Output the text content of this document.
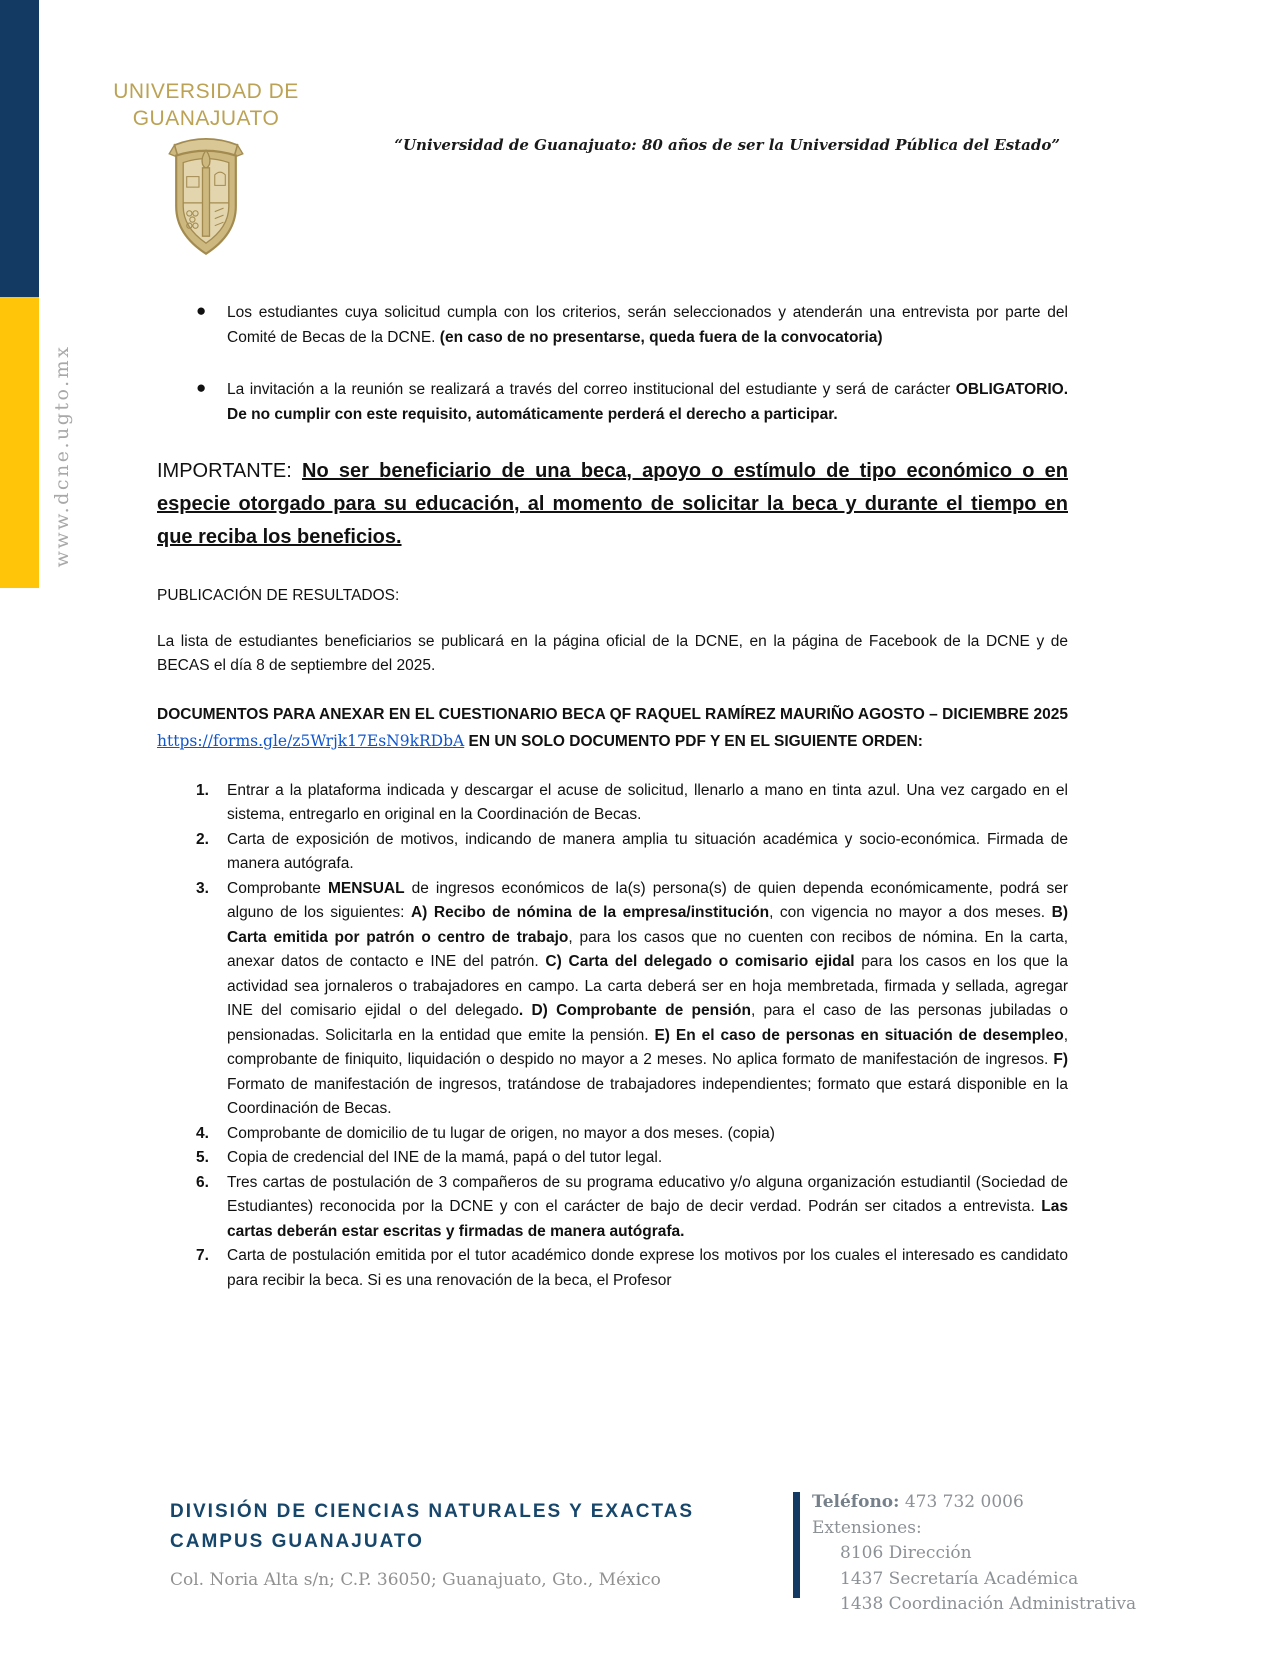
www.dcne.ugto.mx
UNIVERSIDAD DE
GUANAJUATO
“Universidad de Guanajuato: 80 años de ser la Universidad Pública del Estado”
● Los estudiantes cuya solicitud cumpla con los criterios, serán seleccionados y atenderán una entrevista por parte del Comité de Becas de la DCNE. (en caso de no presentarse, queda fuera de la convocatoria)
● La invitación a la reunión se realizará a través del correo institucional del estudiante y será de carácter OBLIGATORIO. De no cumplir con este requisito, automáticamente perderá el derecho a participar.

IMPORTANTE: No ser beneficiario de una beca, apoyo o estímulo de tipo económico o en especie otorgado para su educación, al momento de solicitar la beca y durante el tiempo en que reciba los beneficios.

PUBLICACIÓN DE RESULTADOS:

La lista de estudiantes beneficiarios se publicará en la página oficial de la DCNE, en la página de Facebook de la DCNE y de BECAS el día 8 de septiembre del 2025.

DOCUMENTOS PARA ANEXAR EN EL CUESTIONARIO BECA QF RAQUEL RAMÍREZ MAURIÑO AGOSTO – DICIEMBRE 2025 https://forms.gle/z5Wrjk17EsN9kRDbA EN UN SOLO DOCUMENTO PDF Y EN EL SIGUIENTE ORDEN:

1. Entrar a la plataforma indicada y descargar el acuse de solicitud, llenarlo a mano en tinta azul. Una vez cargado en el sistema, entregarlo en original en la Coordinación de Becas.
2. Carta de exposición de motivos, indicando de manera amplia tu situación académica y socio-económica. Firmada de manera autógrafa.
3. Comprobante MENSUAL de ingresos económicos de la(s) persona(s) de quien dependa económicamente, podrá ser alguno de los siguientes: A) Recibo de nómina de la empresa/institución, con vigencia no mayor a dos meses. B) Carta emitida por patrón o centro de trabajo, para los casos que no cuenten con recibos de nómina. En la carta, anexar datos de contacto e INE del patrón. C) Carta del delegado o comisario ejidal para los casos en los que la actividad sea jornaleros o trabajadores en campo. La carta deberá ser en hoja membretada, firmada y sellada, agregar INE del comisario ejidal o del delegado. D) Comprobante de pensión, para el caso de las personas jubiladas o pensionadas. Solicitarla en la entidad que emite la pensión. E) En el caso de personas en situación de desempleo, comprobante de finiquito, liquidación o despido no mayor a 2 meses. No aplica formato de manifestación de ingresos. F) Formato de manifestación de ingresos, tratándose de trabajadores independientes; formato que estará disponible en la Coordinación de Becas.
4. Comprobante de domicilio de tu lugar de origen, no mayor a dos meses. (copia)
5. Copia de credencial del INE de la mamá, papá o del tutor legal.
6. Tres cartas de postulación de 3 compañeros de su programa educativo y/o alguna organización estudiantil (Sociedad de Estudiantes) reconocida por la DCNE y con el carácter de bajo de decir verdad. Podrán ser citados a entrevista. Las cartas deberán estar escritas y firmadas de manera autógrafa.
7. Carta de postulación emitida por el tutor académico donde exprese los motivos por los cuales el interesado es candidato para recibir la beca. Si es una renovación de la beca, el Profesor
DIVISIÓN DE CIENCIAS NATURALES Y EXACTAS
CAMPUS GUANAJUATO
Col. Noria Alta s/n; C.P. 36050; Guanajuato, Gto., México
Teléfono: 473 732 0006
Extensiones:
8106 Dirección
1437 Secretaría Académica
1438 Coordinación Administrativa
